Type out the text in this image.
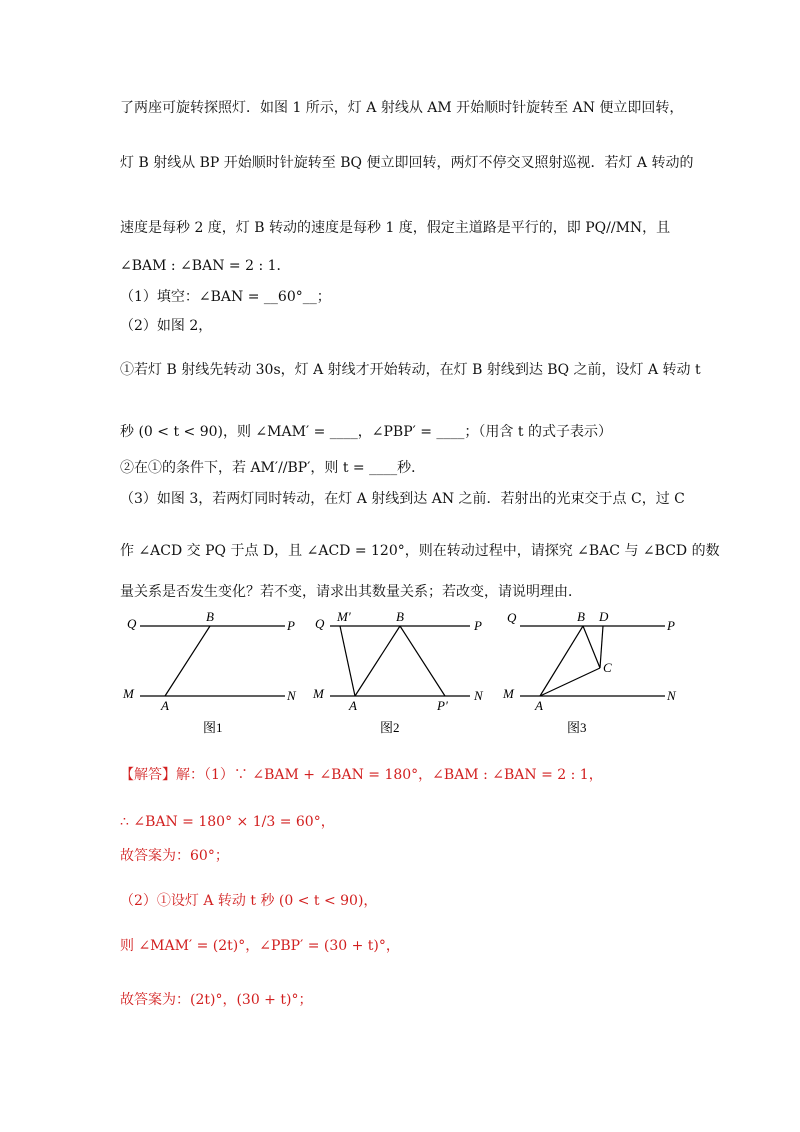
了两座可旋转探照灯．如图 1 所示，灯 A 射线从 AM 开始顺时针旋转至 AN 便立即回转，
灯 B 射线从 BP 开始顺时针旋转至 BQ 便立即回转，两灯不停交叉照射巡视．若灯 A 转动的
速度是每秒 2 度，灯 B 转动的速度是每秒 1 度，假定主道路是平行的，即 PQ//MN，且
∠BAM : ∠BAN = 2 : 1．
（1）填空：∠BAN = __60°__；
（2）如图 2，
①若灯 B 射线先转动 30s，灯 A 射线才开始转动，在灯 B 射线到达 BQ 之前，设灯 A 转动 t
秒 (0 < t < 90)，则 ∠MAM′ = ____，∠PBP′ = ____；（用含 t 的式子表示）
②在①的条件下，若 AM′//BP′，则 t = ____秒．
（3）如图 3，若两灯同时转动，在灯 A 射线到达 AN 之前．若射出的光束交于点 C，过 C
作 ∠ACD 交 PQ 于点 D，且 ∠ACD = 120°，则在转动过程中，请探究 ∠BAC 与 ∠BCD 的数
量关系是否发生变化？若不变，请求出其数量关系；若改变，请说明理由．
Q	B
P
M
A
N
图1
Q M′	B
P
M
A	P′
N
图2
Q	B D
P
C
M
A
N
图3
【解答】解：（1）∵ ∠BAM + ∠BAN = 180°，∠BAM : ∠BAN = 2 : 1，
∴ ∠BAN = 180° × 1/3 = 60°，
故答案为：60°；
（2）①设灯 A 转动 t 秒 (0 < t < 90)，
则 ∠MAM′ = (2t)°，∠PBP′ = (30 + t)°，
故答案为：(2t)°，(30 + t)°；
